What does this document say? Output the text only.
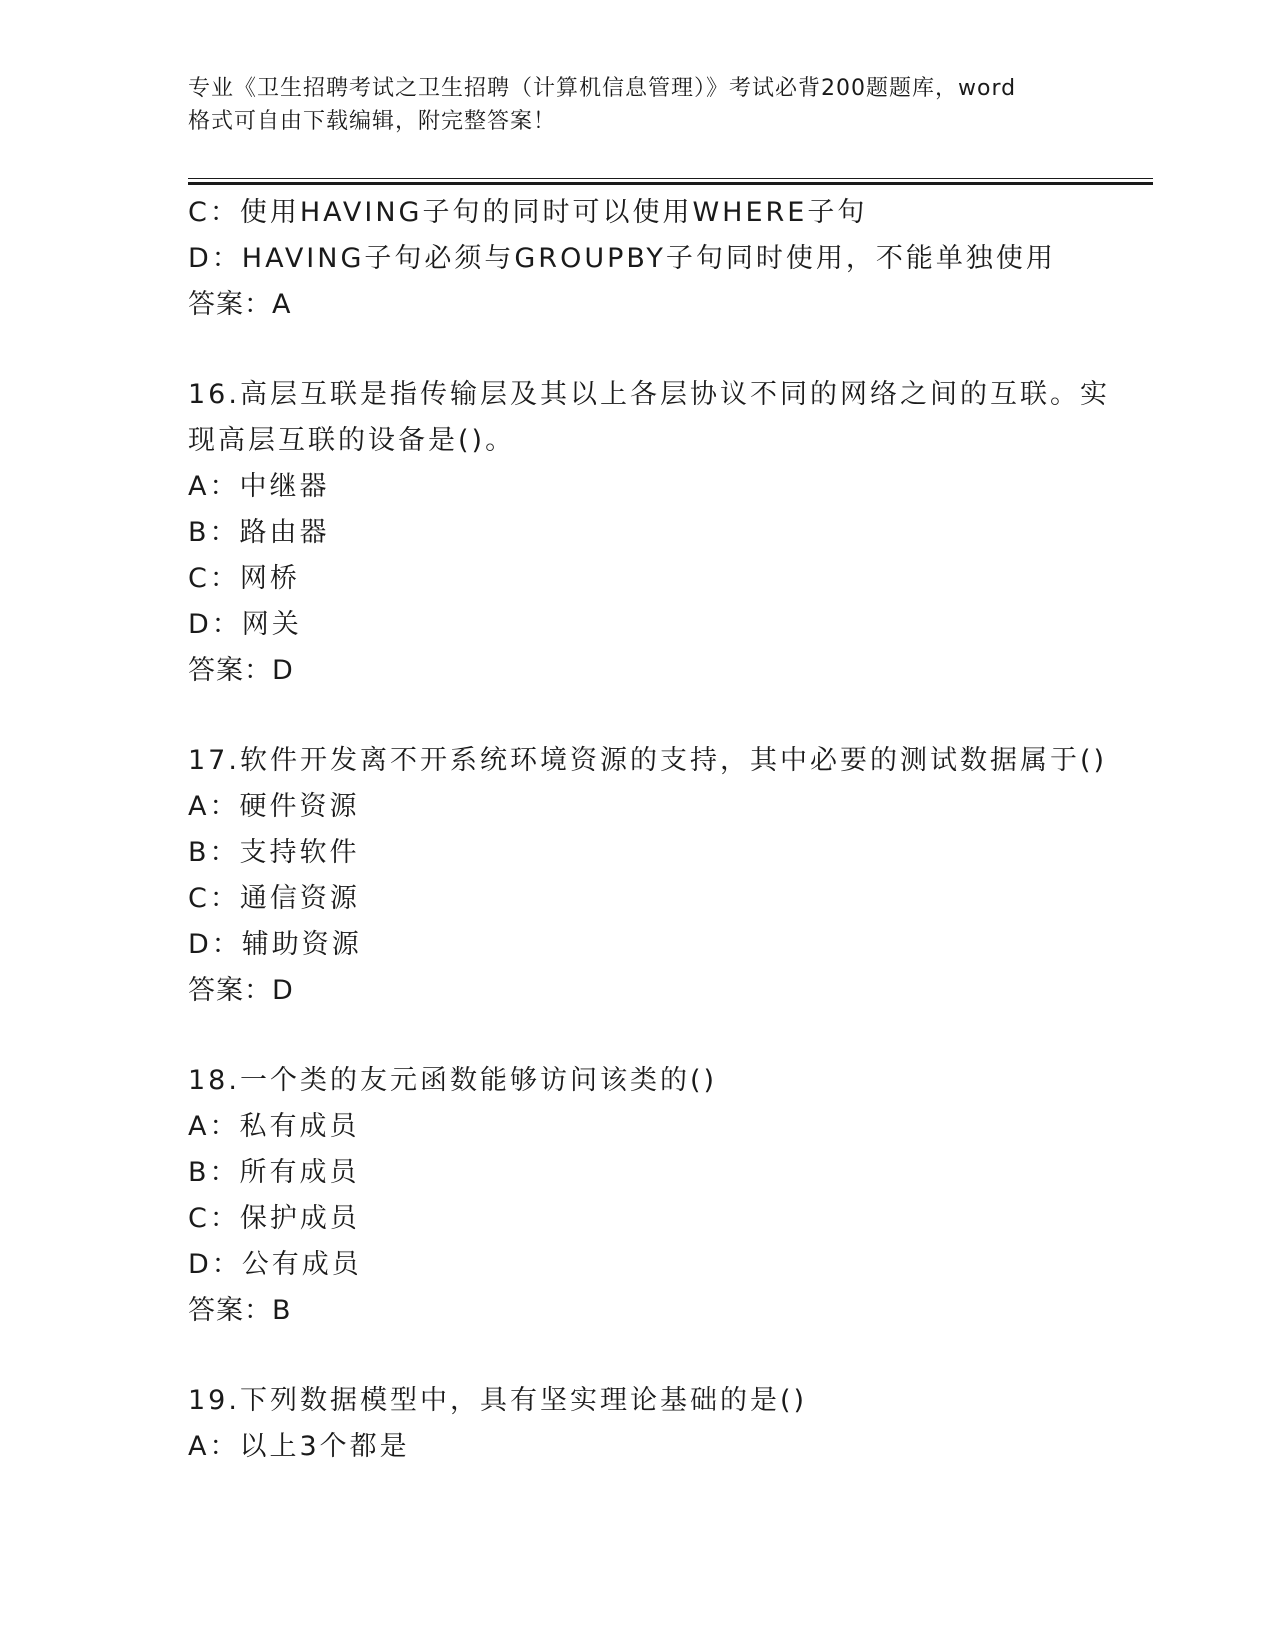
专业《卫生招聘考试之卫生招聘（计算机信息管理）》考试必背200题题库，word
格式可自由下载编辑，附完整答案！
C：使用HAVING子句的同时可以使用WHERE子句
D：HAVING子句必须与GROUPBY子句同时使用，不能单独使用
答案：A
16.高层互联是指传输层及其以上各层协议不同的网络之间的互联。实
现高层互联的设备是()。
A：中继器
B：路由器
C：网桥
D：网关
答案：D
17.软件开发离不开系统环境资源的支持，其中必要的测试数据属于()
A：硬件资源
B：支持软件
C：通信资源
D：辅助资源
答案：D
18.一个类的友元函数能够访问该类的()
A：私有成员
B：所有成员
C：保护成员
D：公有成员
答案：B
19.下列数据模型中，具有坚实理论基础的是()
A：以上3个都是
